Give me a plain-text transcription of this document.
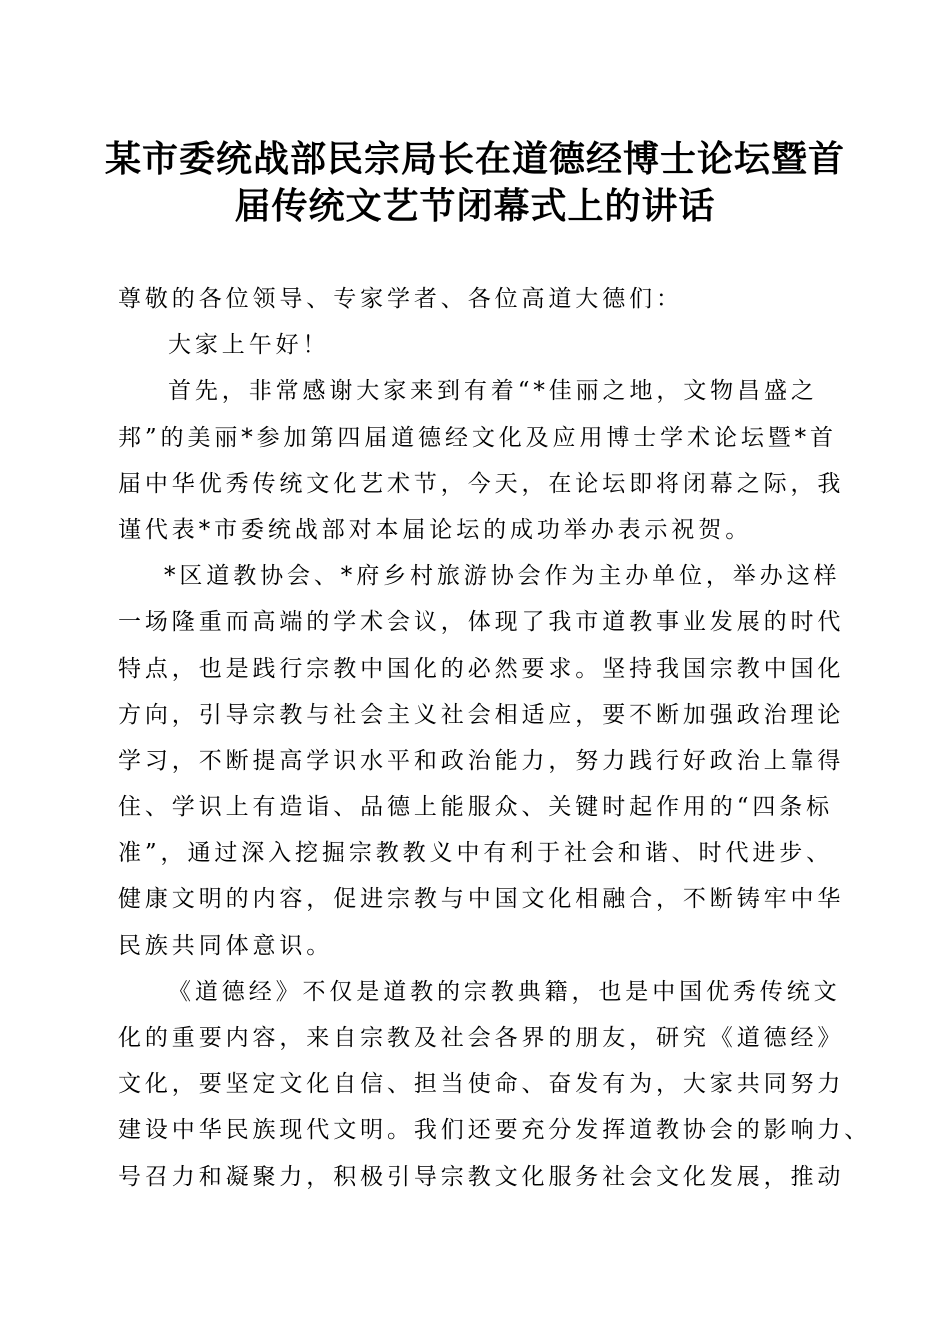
某市委统战部民宗局长在道德经博士论坛暨首
届传统文艺节闭幕式上的讲话
尊敬的各位领导、专家学者、各位高道大德们：
大家上午好！
首先，非常感谢大家来到有着“*佳丽之地，文物昌盛之
邦”的美丽*参加第四届道德经文化及应用博士学术论坛暨*首
届中华优秀传统文化艺术节，今天，在论坛即将闭幕之际，我
谨代表*市委统战部对本届论坛的成功举办表示祝贺。
*区道教协会、*府乡村旅游协会作为主办单位，举办这样
一场隆重而高端的学术会议，体现了我市道教事业发展的时代
特点，也是践行宗教中国化的必然要求。坚持我国宗教中国化
方向，引导宗教与社会主义社会相适应，要不断加强政治理论
学习，不断提高学识水平和政治能力，努力践行好政治上靠得
住、学识上有造诣、品德上能服众、关键时起作用的“四条标
准”，通过深入挖掘宗教教义中有利于社会和谐、时代进步、
健康文明的内容，促进宗教与中国文化相融合，不断铸牢中华
民族共同体意识。
《道德经》不仅是道教的宗教典籍，也是中国优秀传统文
化的重要内容，来自宗教及社会各界的朋友，研究《道德经》
文化，要坚定文化自信、担当使命、奋发有为，大家共同努力
建设中华民族现代文明。我们还要充分发挥道教协会的影响力、
号召力和凝聚力，积极引导宗教文化服务社会文化发展，推动
